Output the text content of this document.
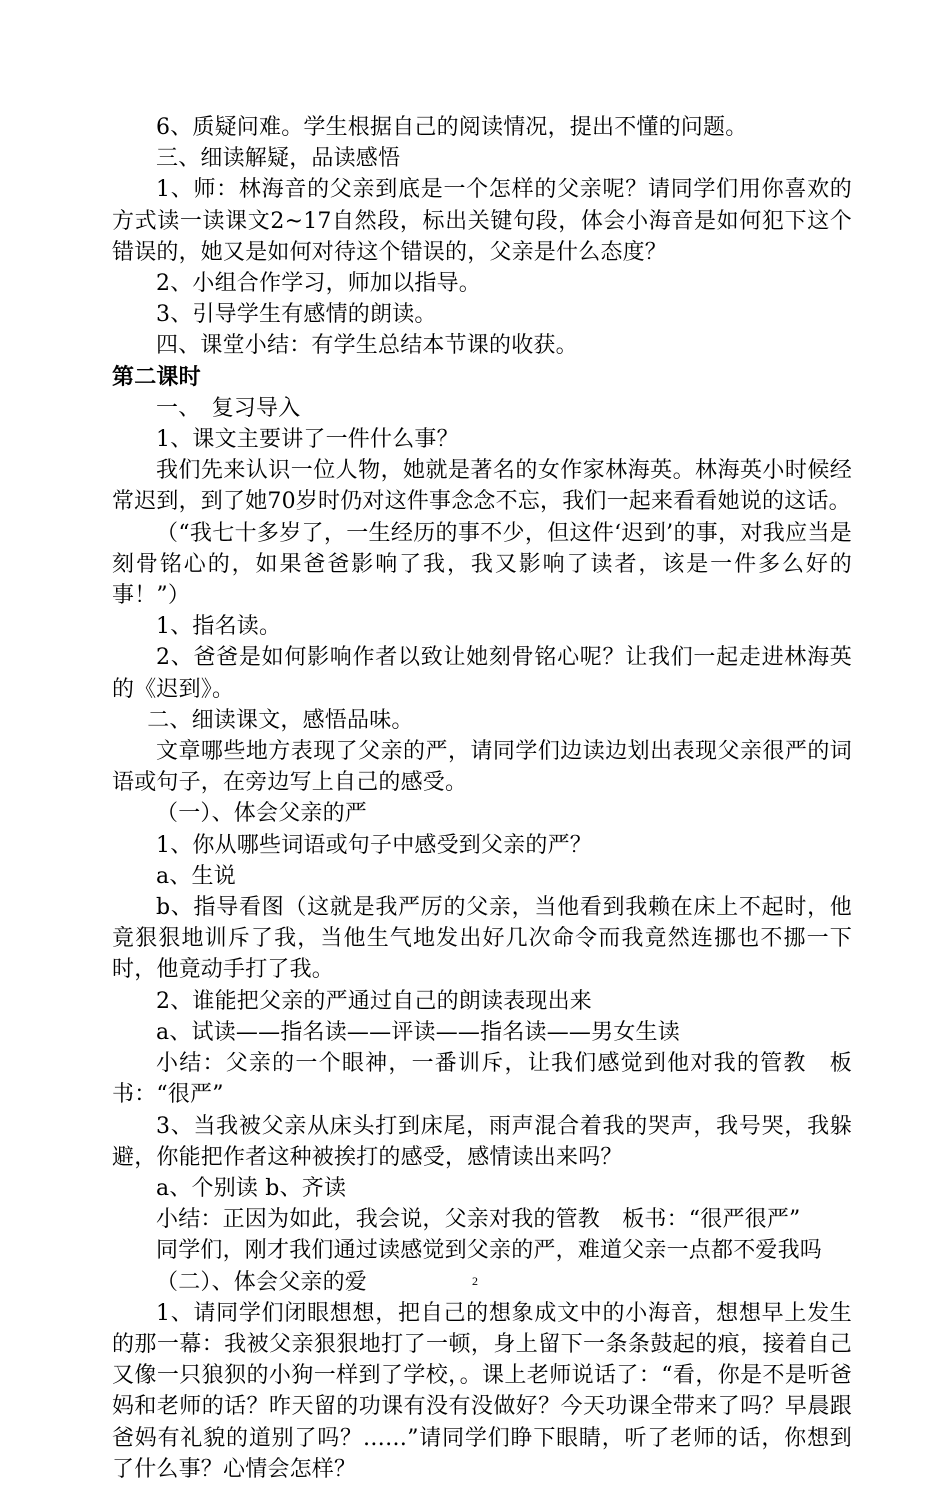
6、质疑问难。学生根据自己的阅读情况，提出不懂的问题。

三、细读解疑，品读感悟

1、师：林海音的父亲到底是一个怎样的父亲呢？请同学们用你喜欢的方式读一读课文2~17自然段，标出关键句段，体会小海音是如何犯下这个错误的，她又是如何对待这个错误的，父亲是什么态度？

2、小组合作学习，师加以指导。

3、引导学生有感情的朗读。

四、课堂小结：有学生总结本节课的收获。

第二课时

一、　复习导入

1、课文主要讲了一件什么事？

我们先来认识一位人物，她就是著名的女作家林海英。林海英小时候经常迟到，到了她70岁时仍对这件事念念不忘，我们一起来看看她说的这话。

（“我七十多岁了，一生经历的事不少，但这件‘迟到’的事，对我应当是刻骨铭心的，如果爸爸影响了我，我又影响了读者，该是一件多么好的事！”）

1、指名读。

2、爸爸是如何影响作者以致让她刻骨铭心呢？让我们一起走进林海英的《迟到》。

二、细读课文，感悟品味。

文章哪些地方表现了父亲的严，请同学们边读边划出表现父亲很严的词语或句子，在旁边写上自己的感受。

（一）、体会父亲的严

1、你从哪些词语或句子中感受到父亲的严？

a、生说

b、指导看图（这就是我严厉的父亲，当他看到我赖在床上不起时，他竟狠狠地训斥了我，当他生气地发出好几次命令而我竟然连挪也不挪一下时，他竟动手打了我。

2、谁能把父亲的严通过自己的朗读表现出来

a、试读——指名读——评读——指名读——男女生读

小结：父亲的一个眼神，一番训斥，让我们感觉到他对我的管教　板书：“很严”

3、当我被父亲从床头打到床尾，雨声混合着我的哭声，我号哭，我躲避，你能把作者这种被挨打的感受，感情读出来吗？

a、个别读 b、齐读

小结：正因为如此，我会说，父亲对我的管教　板书：“很严很严”

同学们，刚才我们通过读感觉到父亲的严，难道父亲一点都不爱我吗

（二）、体会父亲的爱

1、请同学们闭眼想想，把自己的想象成文中的小海音，想想早上发生的那一幕：我被父亲狠狠地打了一顿，身上留下一条条鼓起的痕，接着自己又像一只狼狈的小狗一样到了学校，。课上老师说话了：“看，你是不是听爸妈和老师的话？昨天留的功课有没有没做好？今天功课全带来了吗？早晨跟爸妈有礼貌的道别了吗？……”请同学们睁下眼睛，听了老师的话，你想到了什么事？心情会怎样？

2
